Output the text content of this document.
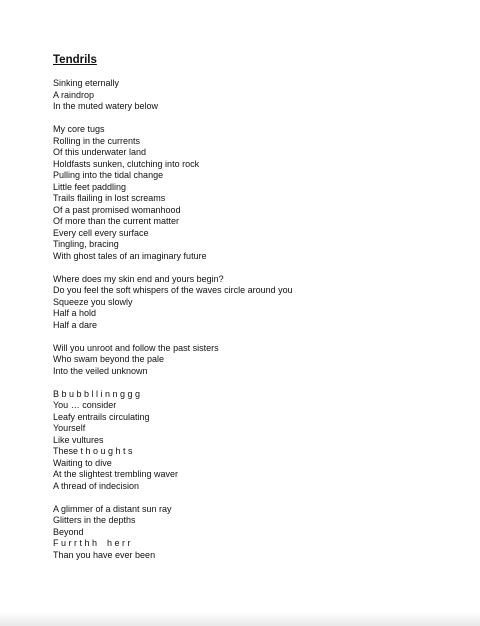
Tendrils
Sinking eternally
A raindrop
In the muted watery below
My core tugs
Rolling in the currents
Of this underwater land
Holdfasts sunken, clutching into rock
Pulling into the tidal change
Little feet paddling
Trails flailing in lost screams
Of a past promised womanhood
Of more than the current matter
Every cell every surface
Tingling, bracing
With ghost tales of an imaginary future
Where does my skin end and yours begin?
Do you feel the soft whispers of the waves circle around you
Squeeze you slowly
Half a hold
Half a dare
Will you unroot and follow the past sisters
Who swam beyond the pale
Into the veiled unknown
B b u b b l l i n n g g g
You … consider
Leafy entrails circulating
Yourself
Like vultures
These t h o u g h t s
Waiting to dive
At the slightest trembling waver
A thread of indecision
A glimmer of a distant sun ray
Glitters in the depths
Beyond
F u r r t h h    h e r r
Than you have ever been
